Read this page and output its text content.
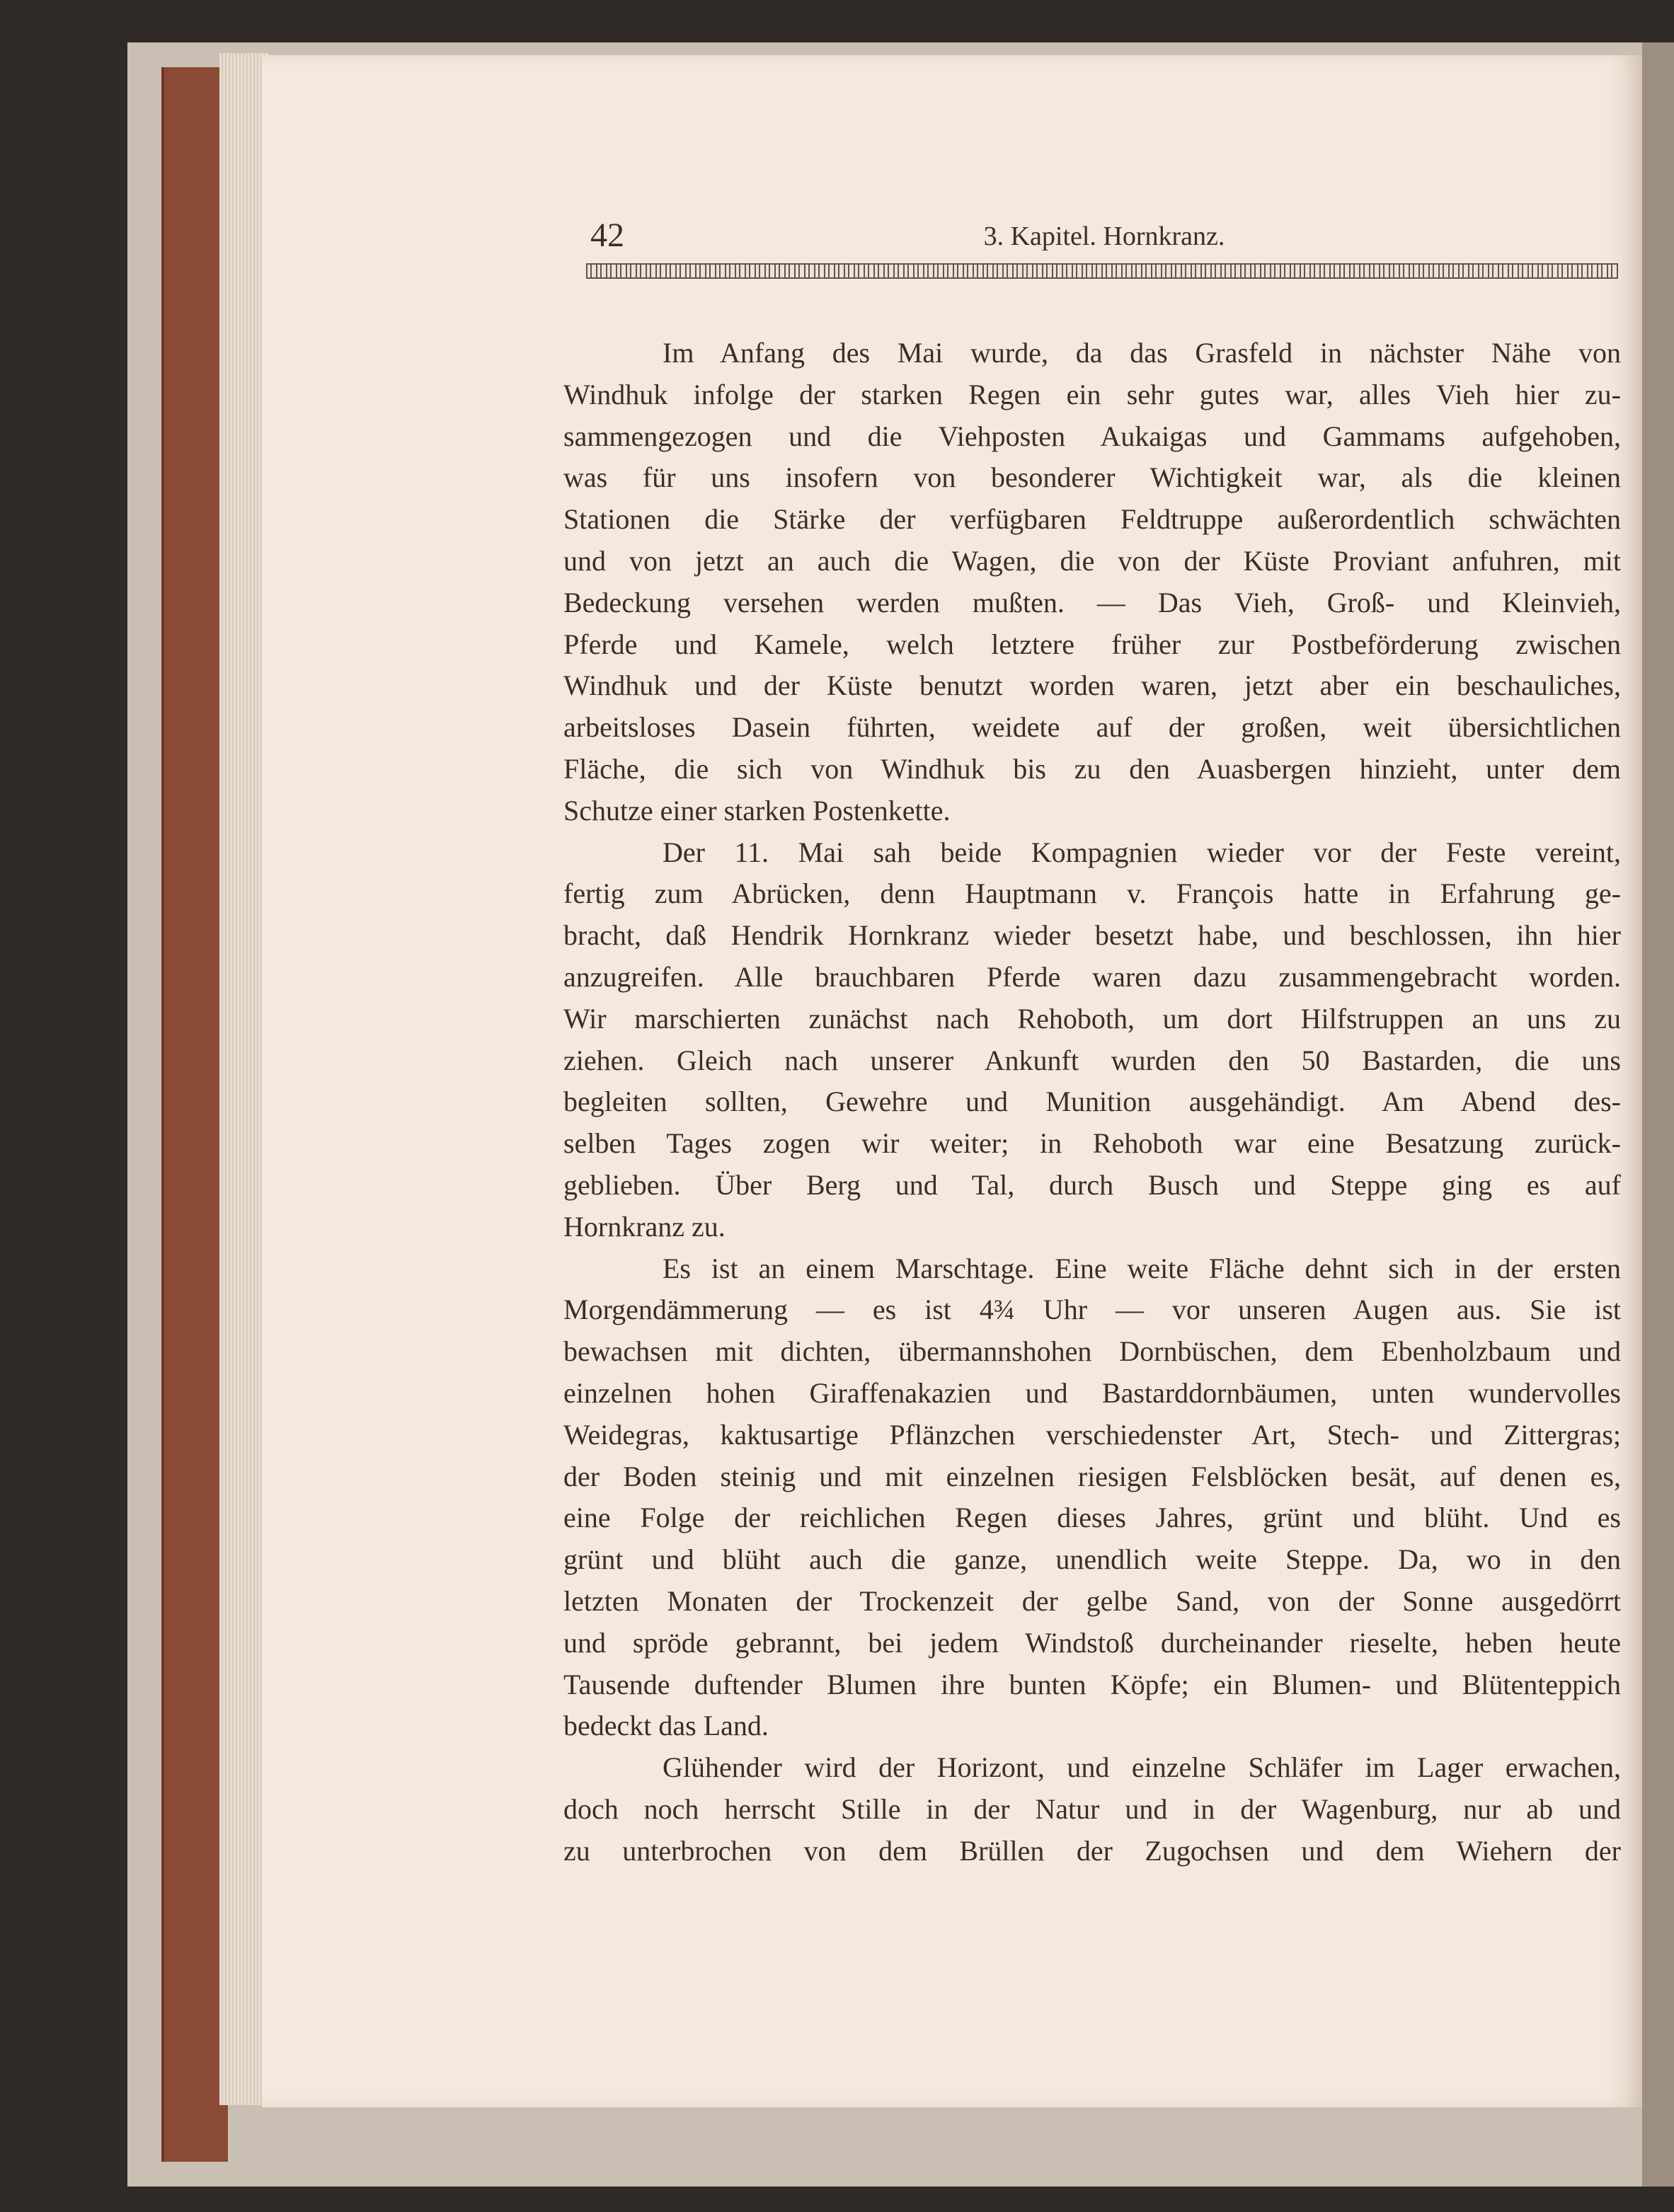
42	3. Kapitel. Hornkranz.
Im Anfang des Mai wurde, da das Grasfeld in nächster Nähe von
Windhuk infolge der starken Regen ein sehr gutes war, alles Vieh hier zu-
sammengezogen und die Viehposten Aukaigas und Gammams aufgehoben,
was für uns insofern von besonderer Wichtigkeit war, als die kleinen
Stationen die Stärke der verfügbaren Feldtruppe außerordentlich schwächten
und von jetzt an auch die Wagen, die von der Küste Proviant anfuhren, mit
Bedeckung versehen werden mußten. — Das Vieh, Groß- und Kleinvieh,
Pferde und Kamele, welch letztere früher zur Postbeförderung zwischen
Windhuk und der Küste benutzt worden waren, jetzt aber ein beschauliches,
arbeitsloses Dasein führten, weidete auf der großen, weit übersichtlichen
Fläche, die sich von Windhuk bis zu den Auasbergen hinzieht, unter dem
Schutze einer starken Postenkette.
Der 11. Mai sah beide Kompagnien wieder vor der Feste vereint,
fertig zum Abrücken, denn Hauptmann v. François hatte in Erfahrung ge-
bracht, daß Hendrik Hornkranz wieder besetzt habe, und beschlossen, ihn hier
anzugreifen. Alle brauchbaren Pferde waren dazu zusammengebracht worden.
Wir marschierten zunächst nach Rehoboth, um dort Hilfstruppen an uns zu
ziehen. Gleich nach unserer Ankunft wurden den 50 Bastarden, die uns
begleiten sollten, Gewehre und Munition ausgehändigt. Am Abend des-
selben Tages zogen wir weiter; in Rehoboth war eine Besatzung zurück-
geblieben. Über Berg und Tal, durch Busch und Steppe ging es auf
Hornkranz zu.
Es ist an einem Marschtage. Eine weite Fläche dehnt sich in der ersten
Morgendämmerung — es ist 4¾ Uhr — vor unseren Augen aus. Sie ist
bewachsen mit dichten, übermannshohen Dornbüschen, dem Ebenholzbaum und
einzelnen hohen Giraffenakazien und Bastarddornbäumen, unten wundervolles
Weidegras, kaktusartige Pflänzchen verschiedenster Art, Stech- und Zittergras;
der Boden steinig und mit einzelnen riesigen Felsblöcken besät, auf denen es,
eine Folge der reichlichen Regen dieses Jahres, grünt und blüht. Und es
grünt und blüht auch die ganze, unendlich weite Steppe. Da, wo in den
letzten Monaten der Trockenzeit der gelbe Sand, von der Sonne ausgedörrt
und spröde gebrannt, bei jedem Windstoß durcheinander rieselte, heben heute
Tausende duftender Blumen ihre bunten Köpfe; ein Blumen- und Blütenteppich
bedeckt das Land.
Glühender wird der Horizont, und einzelne Schläfer im Lager erwachen,
doch noch herrscht Stille in der Natur und in der Wagenburg, nur ab und
zu unterbrochen von dem Brüllen der Zugochsen und dem Wiehern der
